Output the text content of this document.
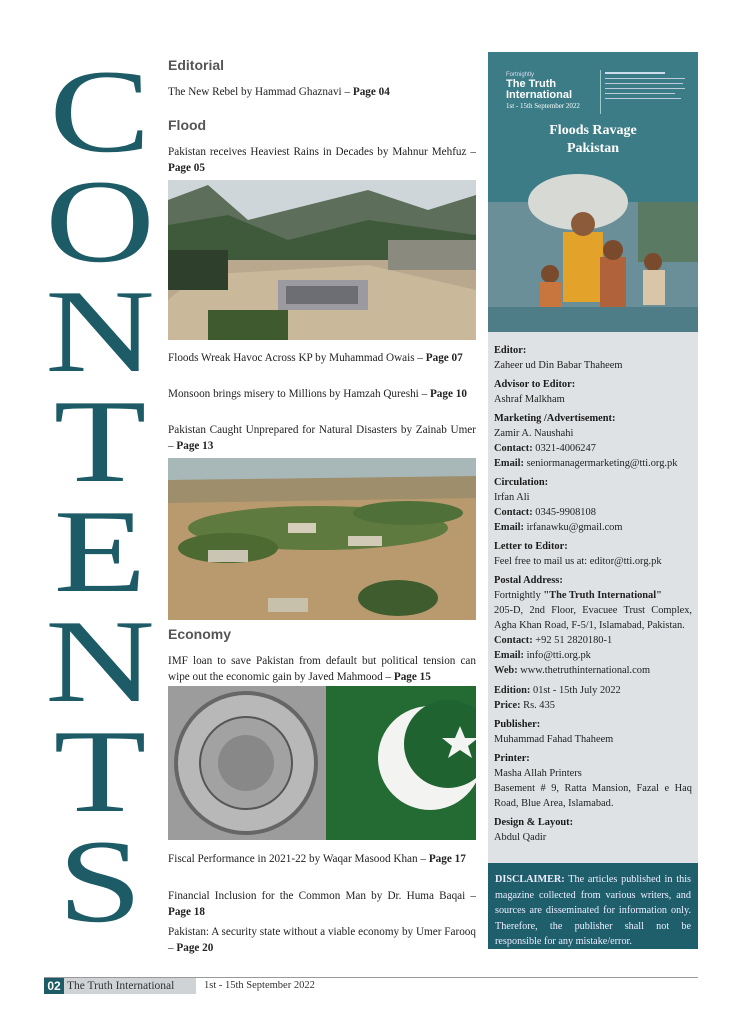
C
O
N
T
E
N
T
S
Editorial
The New Rebel by Hammad Ghaznavi – Page 04
Flood
Pakistan receives Heaviest Rains in Decades by Mahnur Mehfuz – Page 05
Floods Wreak Havoc Across KP by Muhammad Owais – Page 07
Monsoon brings misery to Millions by Hamzah Qureshi – Page 10
Pakistan Caught Unprepared for Natural Disasters by Zainab Umer – Page 13
Economy
IMF loan to save Pakistan from default but political tension can wipe out the economic gain by Javed Mahmood – Page 15
Fiscal Performance in 2021-22 by Waqar Masood Khan – Page 17
Financial Inclusion for the Common Man by Dr. Huma Baqai – Page 18
Pakistan: A security state without a viable economy by Umer Farooq – Page 20
Fortnightly
The Truth
International
1st - 15th September 2022
Floods Ravage
Pakistan
Editor:
Zaheer ud Din Babar Thaheem
Advisor to Editor:
Ashraf Malkham
Marketing /Advertisement:
Zamir A. Naushahi
Contact: 0321-4006247
Email: seniormanagermarketing@tti.org.pk
Circulation:
Irfan Ali
Contact: 0345-9908108
Email: irfanawku@gmail.com
Letter to Editor:
Feel free to mail us at: editor@tti.org.pk
Postal Address:
Fortnightly "The Truth International"
205-D, 2nd Floor, Evacuee Trust Complex, Agha Khan Road, F-5/1, Islamabad, Pakistan.
Contact: +92 51 2820180-1
Email: info@tti.org.pk
Web: www.thetruthinternational.com
Edition: 01st - 15th July 2022
Price: Rs. 435
Publisher:
Muhammad Fahad Thaheem
Printer:
Masha Allah Printers
Basement # 9, Ratta Mansion, Fazal e Haq Road, Blue Area, Islamabad.
Design & Layout:
Abdul Qadir
DISCLAIMER: The articles published in this magazine collected from various writers, and sources are disseminated for information only. Therefore, the publisher shall not be responsible for any mistake/error.
02 The Truth International	1st - 15th September 2022
